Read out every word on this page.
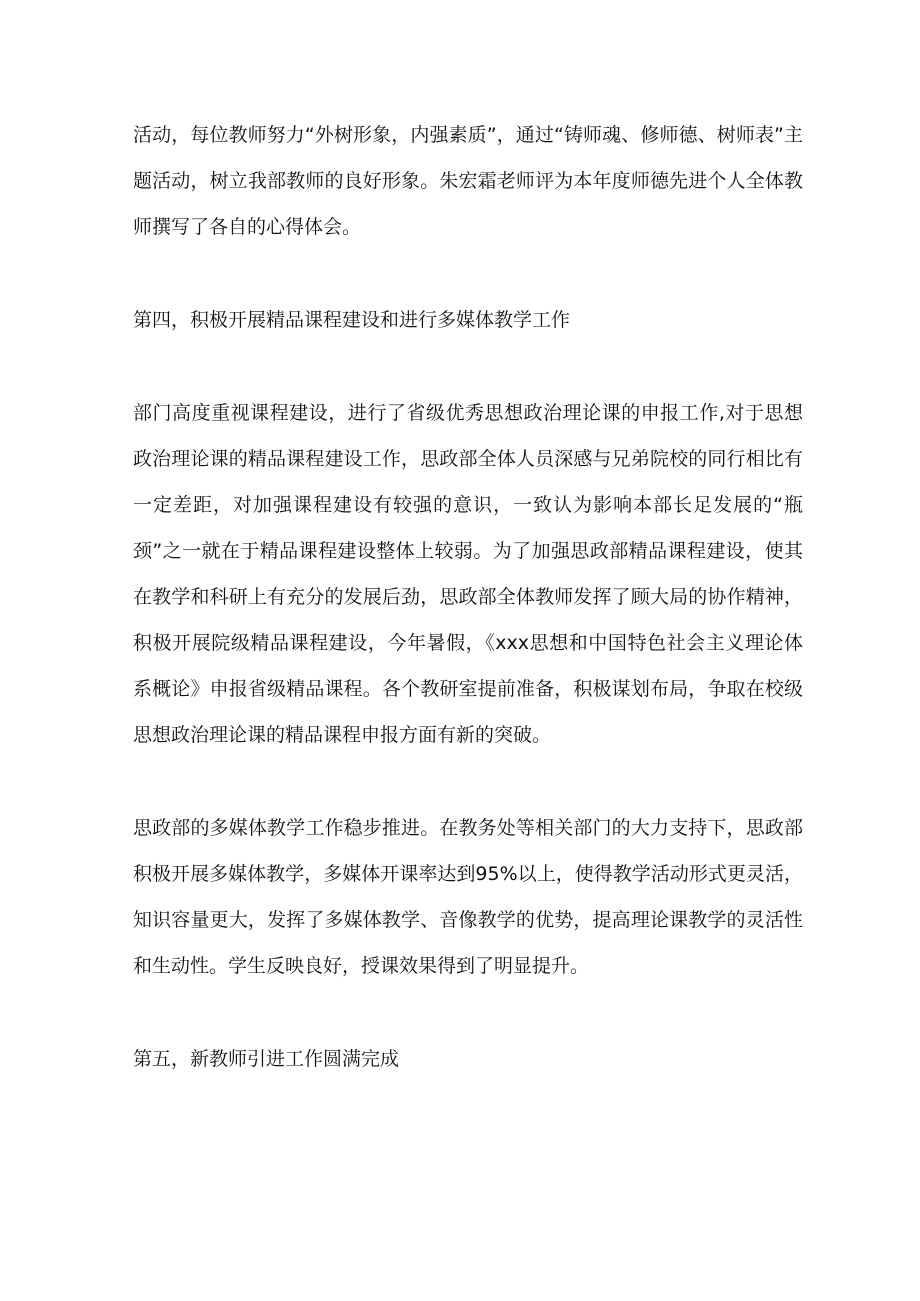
活动，每位教师努力“外树形象，内强素质”，通过“铸师魂、修师德、树师表”主题活动，树立我部教师的良好形象。朱宏霜老师评为本年度师德先进个人全体教师撰写了各自的心得体会。

第四，积极开展精品课程建设和进行多媒体教学工作

部门高度重视课程建设，进行了省级优秀思想政治理论课的申报工作,对于思想政治理论课的精品课程建设工作，思政部全体人员深感与兄弟院校的同行相比有一定差距，对加强课程建设有较强的意识，一致认为影响本部长足发展的“瓶颈”之一就在于精品课程建设整体上较弱。为了加强思政部精品课程建设，使其在教学和科研上有充分的发展后劲，思政部全体教师发挥了顾大局的协作精神，积极开展院级精品课程建设，今年暑假，《xxx思想和中国特色社会主义理论体系概论》申报省级精品课程。各个教研室提前准备，积极谋划布局，争取在校级思想政治理论课的精品课程申报方面有新的突破。

思政部的多媒体教学工作稳步推进。在教务处等相关部门的大力支持下，思政部积极开展多媒体教学，多媒体开课率达到95%以上，使得教学活动形式更灵活，知识容量更大，发挥了多媒体教学、音像教学的优势，提高理论课教学的灵活性和生动性。学生反映良好，授课效果得到了明显提升。

第五，新教师引进工作圆满完成
